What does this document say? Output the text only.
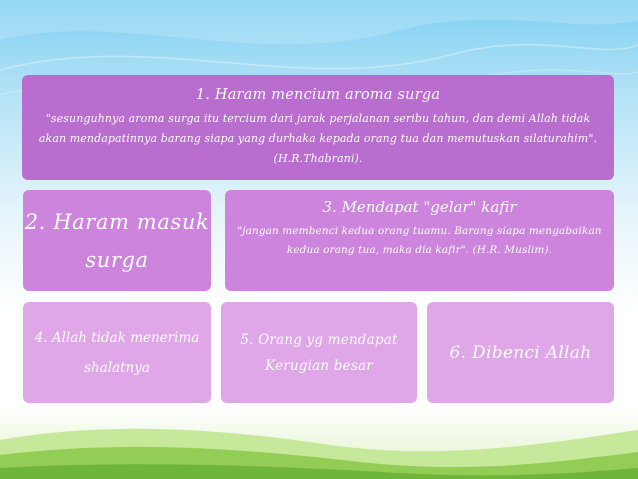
1. Haram mencium aroma surga
"sesunguhnya aroma surga itu tercium dari jarak perjalanan seribu tahun, dan demi Allah tidak akan mendapatinnya barang siapa yang durhaka kepada orang tua dan memutuskan silaturahim". (H.R.Thabrani).
2. Haram masuk surga
3. Mendapat "gelar" kafir
"jangan membenci kedua orang tuamu. Barang siapa mengabaikan kedua orang tua, maka dia kafir". (H.R. Muslim).
4. Allah tidak menerima shalatnya
5. Orang yg mendapat Kerugian besar
6. Dibenci Allah
